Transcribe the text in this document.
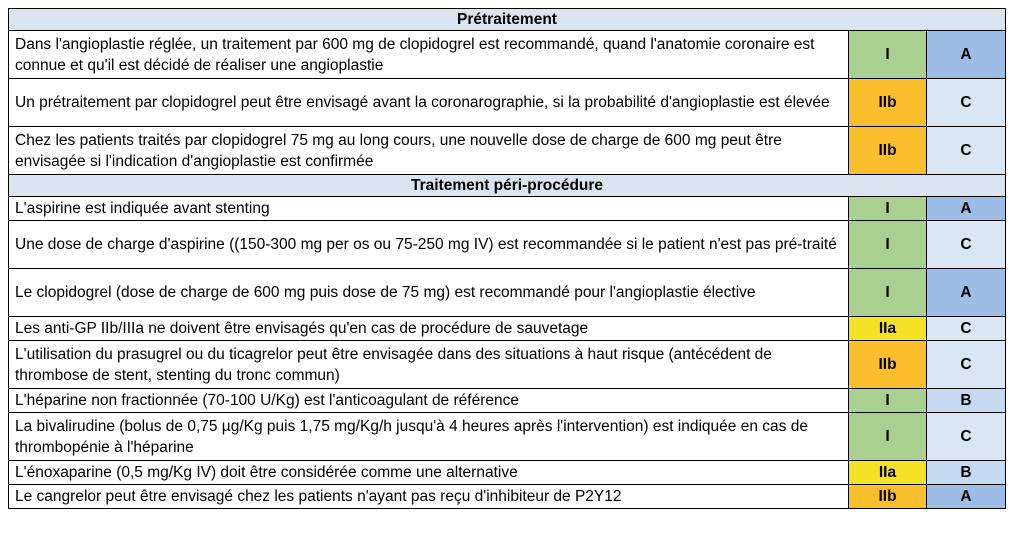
Prétraitement		
Dans l'angioplastie réglée, un traitement par 600 mg de clopidogrel est recommandé, quand l'anatomie coronaire est connue et qu'il est décidé de réaliser une angioplastie	I	A
Un prétraitement par clopidogrel peut être envisagé avant la coronarographie, si la probabilité d'angioplastie est élevée	IIb	C
Chez les patients traités par clopidogrel 75 mg au long cours, une nouvelle dose de charge de 600 mg peut être envisagée si l'indication d'angioplastie est confirmée	IIb	C
Traitement péri-procédure		
L'aspirine est indiquée avant stenting	I	A
Une dose de charge d'aspirine ((150-300 mg per os ou 75-250 mg IV) est recommandée si le patient n'est pas pré-traité	I	C
Le clopidogrel (dose de charge de 600 mg puis dose de 75 mg) est recommandé pour l'angioplastie élective	I	A
Les anti-GP IIb/IIIa ne doivent être envisagés qu'en cas de procédure de sauvetage	IIa	C
L'utilisation du prasugrel ou du ticagrelor peut être envisagée dans des situations à haut risque (antécédent de thrombose de stent, stenting du tronc commun)	IIb	C
L'héparine non fractionnée (70-100 U/Kg) est l'anticoagulant de référence	I	B
La bivalirudine (bolus de 0,75 µg/Kg puis 1,75 mg/Kg/h jusqu'à 4 heures après l'intervention) est indiquée en cas de thrombopénie à l'héparine	I	C
L'énoxaparine (0,5 mg/Kg IV) doit être considérée comme une alternative	IIa	B
Le cangrelor peut être envisagé chez les patients n'ayant pas reçu d'inhibiteur de P2Y12	IIb	A
